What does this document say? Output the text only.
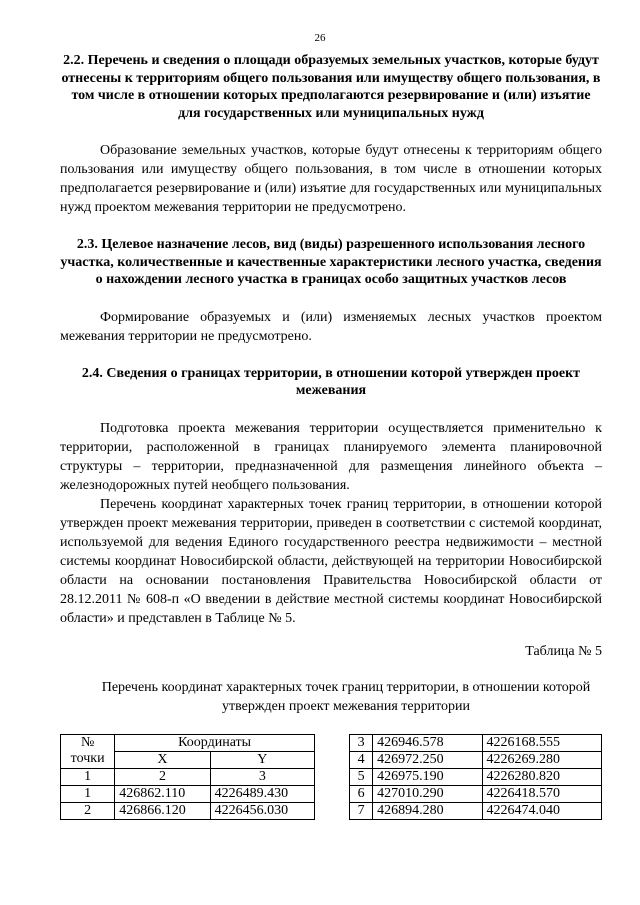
26
2.2. Перечень и сведения о площади образуемых земельных участков, которые будут отнесены к территориям общего пользования или имуществу общего пользования, в том числе в отношении которых предполагаются резервирование и (или) изъятие для государственных или муниципальных нужд

Образование земельных участков, которые будут отнесены к территориям общего пользования или имуществу общего пользования, в том числе в отношении которых предполагается резервирование и (или) изъятие для государственных или муниципальных нужд проектом межевания территории не предусмотрено.

2.3. Целевое назначение лесов, вид (виды) разрешенного использования лесного участка, количественные и качественные характеристики лесного участка, сведения о нахождении лесного участка в границах особо защитных участков лесов

Формирование образуемых и (или) изменяемых лесных участков проектом межевания территории не предусмотрено.

2.4. Сведения о границах территории, в отношении которой утвержден проект межевания

Подготовка проекта межевания территории осуществляется применительно к территории, расположенной в границах планируемого элемента планировочной структуры – территории, предназначенной для размещения линейного объекта – железнодорожных путей необщего пользования.

Перечень координат характерных точек границ территории, в отношении которой утвержден проект межевания территории, приведен в соответствии с системой координат, используемой для ведения Единого государственного реестра недвижимости – местной системы координат Новосибирской области, действующей на территории Новосибирской области на основании постановления Правительства Новосибирской области от 28.12.2011 № 608-п «О введении в действие местной системы координат Новосибирской области» и представлен в Таблице № 5.

Таблица № 5
Перечень координат характерных точек границ территории, в отношении которой утвержден проект межевания территории
№	Координаты	
точки	X	Y
1	2	3
1	426862.110	4226489.430
2	426866.120	4226456.030
3	426946.578	4226168.555
4	426972.250	4226269.280
5	426975.190	4226280.820
6	427010.290	4226418.570
7	426894.280	4226474.040
